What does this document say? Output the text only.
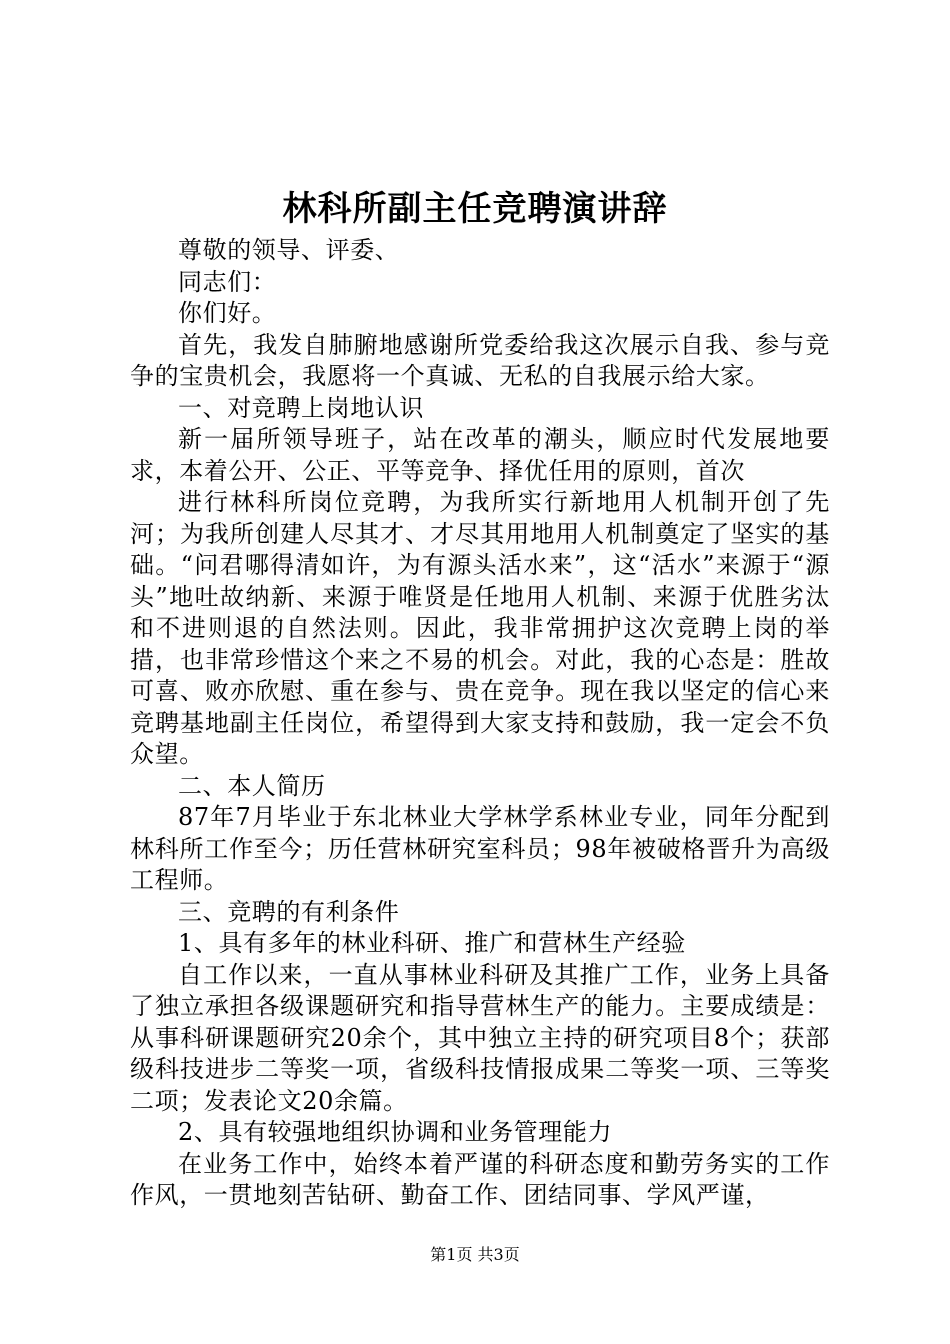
林科所副主任竞聘演讲辞

尊敬的领导、评委、

同志们：

你们好。

首先，我发自肺腑地感谢所党委给我这次展示自我、参与竞争的宝贵机会，我愿将一个真诚、无私的自我展示给大家。

一、对竞聘上岗地认识

新一届所领导班子，站在改革的潮头，顺应时代发展地要求，本着公开、公正、平等竞争、择优任用的原则，首次

进行林科所岗位竞聘，为我所实行新地用人机制开创了先河；为我所创建人尽其才、才尽其用地用人机制奠定了坚实的基础。“问君哪得清如许，为有源头活水来”，这“活水”来源于“源头”地吐故纳新、来源于唯贤是任地用人机制、来源于优胜劣汰和不进则退的自然法则。因此，我非常拥护这次竞聘上岗的举措，也非常珍惜这个来之不易的机会。对此，我的心态是：胜故可喜、败亦欣慰、重在参与、贵在竞争。现在我以坚定的信心来竞聘基地副主任岗位，希望得到大家支持和鼓励，我一定会不负众望。

二、本人简历

87年7月毕业于东北林业大学林学系林业专业，同年分配到林科所工作至今；历任营林研究室科员；98年被破格晋升为高级工程师。

三、竞聘的有利条件

1、具有多年的林业科研、推广和营林生产经验

自工作以来，一直从事林业科研及其推广工作，业务上具备了独立承担各级课题研究和指导营林生产的能力。主要成绩是：从事科研课题研究20余个，其中独立主持的研究项目8个；获部级科技进步二等奖一项，省级科技情报成果二等奖一项、三等奖二项；发表论文20余篇。

2、具有较强地组织协调和业务管理能力

在业务工作中，始终本着严谨的科研态度和勤劳务实的工作作风，一贯地刻苦钻研、勤奋工作、团结同事、学风严谨，

第1页 共3页
